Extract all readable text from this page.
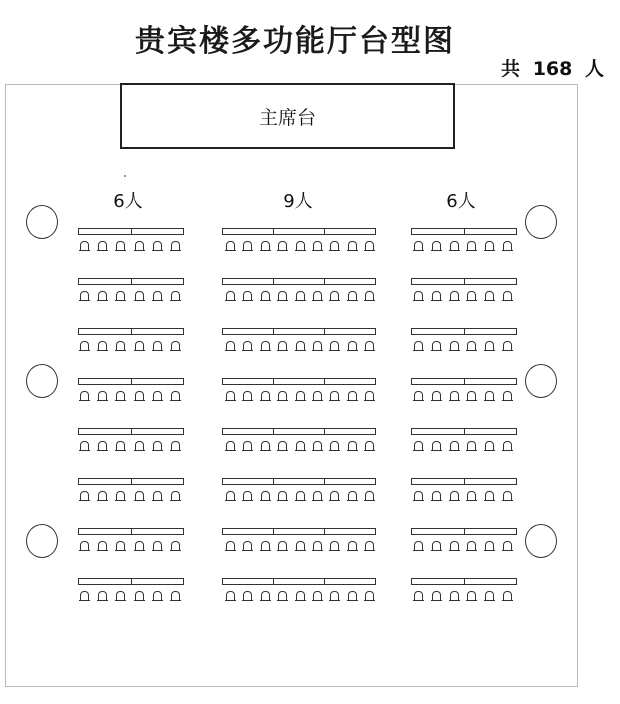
贵宾楼多功能厅台型图
共 168 人
主席台
6人	9人	6人
